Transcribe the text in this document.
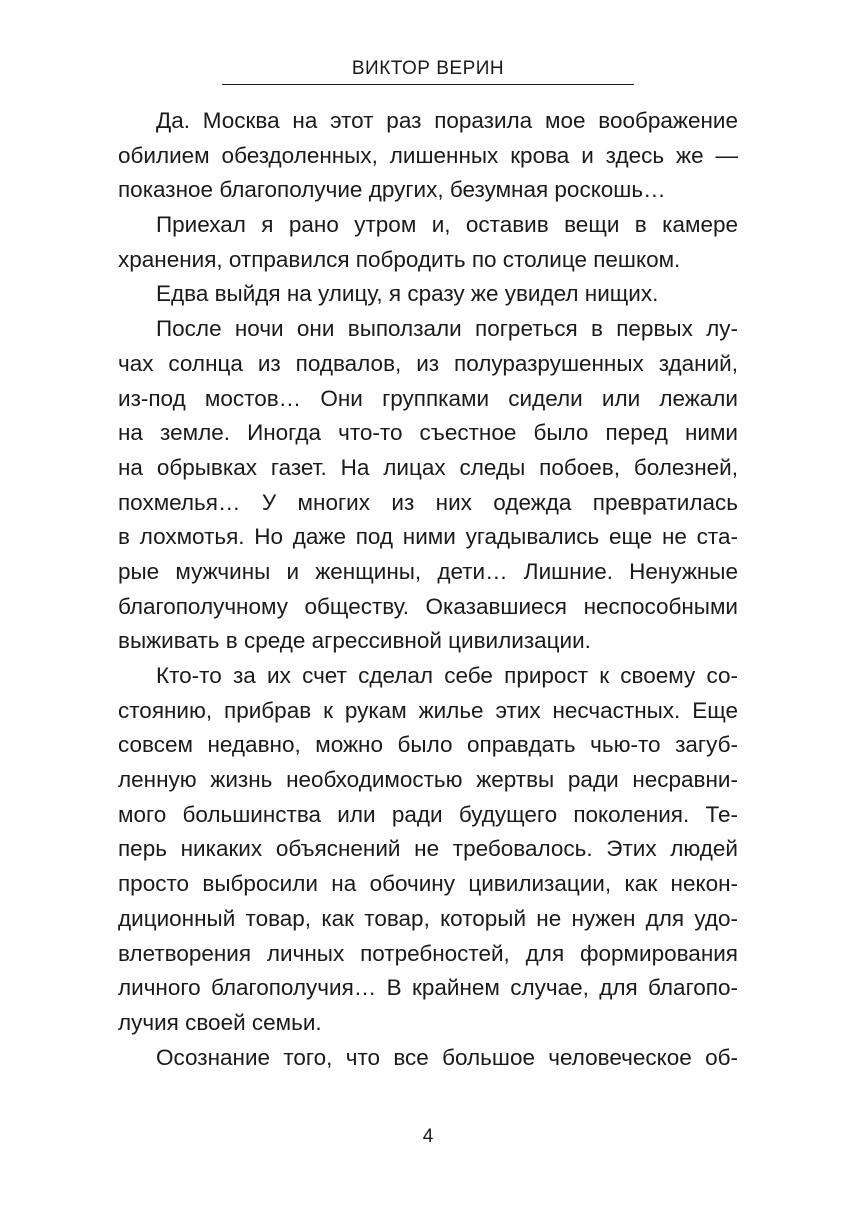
ВИКТОР ВЕРИН

Да. Москва на этот раз поразила мое воображение
обилием обездоленных, лишенных крова и здесь же —
показное благополучие других, безумная роскошь…

Приехал я рано утром и, оставив вещи в камере
хранения, отправился побродить по столице пешком.

Едва выйдя на улицу, я сразу же увидел нищих.

После ночи они выползали погреться в первых лу-
чах солнца из подвалов, из полуразрушенных зданий,
из-под мостов… Они группками сидели или лежали
на земле. Иногда что-то съестное было перед ними
на обрывках газет. На лицах следы побоев, болезней,
похмелья… У многих из них одежда превратилась
в лохмотья. Но даже под ними угадывались еще не ста-
рые мужчины и женщины, дети… Лишние. Ненужные
благополучному обществу. Оказавшиеся неспособными
выживать в среде агрессивной цивилизации.

Кто-то за их счет сделал себе прирост к своему со-
стоянию, прибрав к рукам жилье этих несчастных. Еще
совсем недавно, можно было оправдать чью-то загуб-
ленную жизнь необходимостью жертвы ради несравни-
мого большинства или ради будущего поколения. Те-
перь никаких объяснений не требовалось. Этих людей
просто выбросили на обочину цивилизации, как некон-
диционный товар, как товар, который не нужен для удо-
влетворения личных потребностей, для формирования
личного благополучия… В крайнем случае, для благопо-
лучия своей семьи.

Осознание того, что все большое человеческое об-

4
